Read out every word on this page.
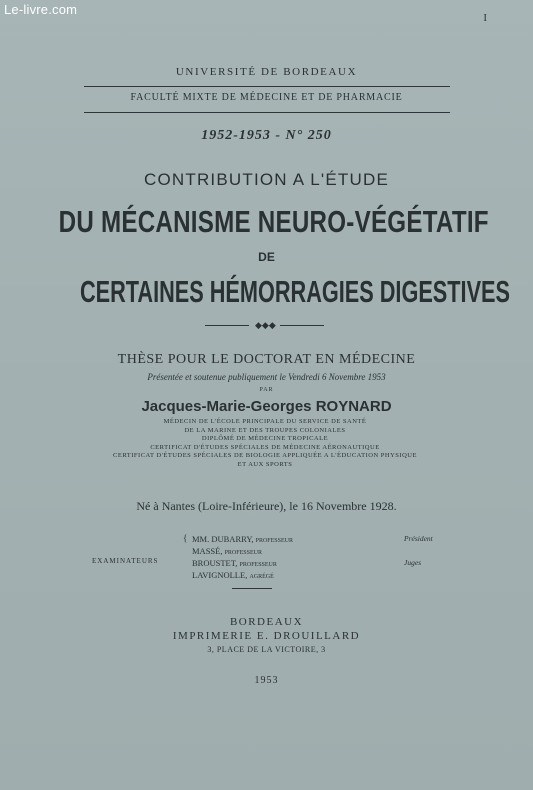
Le-livre.com
I
UNIVERSITÉ DE BORDEAUX
FACULTÉ MIXTE DE MÉDECINE ET DE PHARMACIE
1952-1953 - N° 250
CONTRIBUTION A L'ÉTUDE
DU MÉCANISME NEURO-VÉGÉTATIF
DE
CERTAINES HÉMORRAGIES DIGESTIVES
◆◆◆
THÈSE POUR LE DOCTORAT EN MÉDECINE
Présentée et soutenue publiquement le Vendredi 6 Novembre 1953
PAR
Jacques-Marie-Georges ROYNARD
MÉDECIN DE L'ÉCOLE PRINCIPALE DU SERVICE DE SANTÉ
DE LA MARINE ET DES TROUPES COLONIALES
DIPLÔMÉ DE MÉDECINE TROPICALE
CERTIFICAT D'ÉTUDES SPÉCIALES DE MÉDECINE AÉRONAUTIQUE
CERTIFICAT D'ÉTUDES SPÉCIALES DE BIOLOGIE APPLIQUÉE A L'ÉDUCATION PHYSIQUE
ET AUX SPORTS
Né à Nantes (Loire-Inférieure), le 16 Novembre 1928.
EXAMINATEURS
{ MM. DUBARRY, professeur	Président
MASSÉ, professeur
BROUSTET, professeur	Juges
LAVIGNOLLE, agrégé
BORDEAUX
IMPRIMERIE E. DROUILLARD
3, PLACE DE LA VICTOIRE, 3
1953
